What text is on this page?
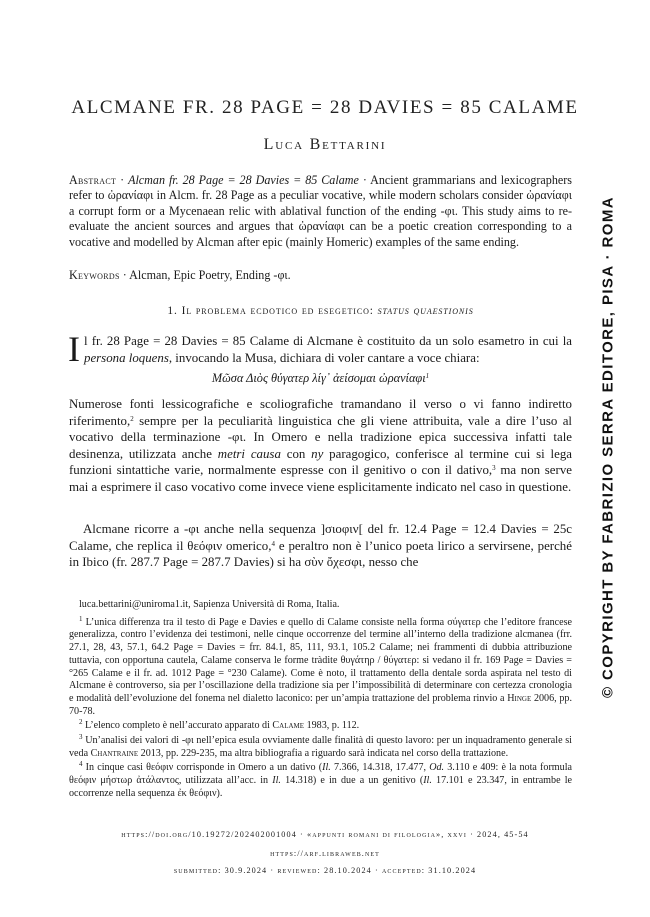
ALCMANE FR. 28 PAGE = 28 DAVIES = 85 CALAME
Luca Bettarini
Abstract · Alcman fr. 28 Page = 28 Davies = 85 Calame · Ancient grammarians and lexicographers refer to ὠρανίαφι in Alcm. fr. 28 Page as a peculiar vocative, while modern scholars consider ὠρανίαφι a corrupt form or a Mycenaean relic with ablatival function of the ending -φι. This study aims to re-evaluate the ancient sources and argues that ὠρανίαφι can be a poetic creation corresponding to a vocative and modelled by Alcman after epic (mainly Homeric) examples of the same ending.
Keywords · Alcman, Epic Poetry, Ending -φι.
1. Il problema ecdotico ed esegetico: status quaestionis
Il fr. 28 Page = 28 Davies = 85 Calame di Alcmane è costituito da un solo esametro in cui la persona loquens, invocando la Musa, dichiara di voler cantare a voce chiara:
Μῶσα Διὸς θύγατερ λίγ᾽ ἀείσομαι ὠρανίαφι$^1$
Numerose fonti lessicografiche e scoliografiche tramandano il verso o vi fanno indiretto riferimento,$^2$ sempre per la peculiarità linguistica che gli viene attribuita, vale a dire l’uso al vocativo della terminazione -φι. In Omero e nella tradizione epica successiva infatti tale desinenza, utilizzata anche metri causa con ny paragogico, conferisce al termine cui si lega funzioni sintattiche varie, normalmente espresse con il genitivo o con il dativo,$^3$ ma non serve mai a esprimere il caso vocativo come invece viene esplicitamente indicato nel caso in questione.
Alcmane ricorre a -φι anche nella sequenza ]σιοφιν[ del fr. 12.4 Page = 12.4 Davies = 25c Calame, che replica il θεόφιν omerico,$^4$ e peraltro non è l’unico poeta lirico a servirsene, perché in Ibico (fr. 287.7 Page = 287.7 Davies) si ha σὺν ὄχεσφι, nesso che

luca.bettarini@uniroma1.it, Sapienza Università di Roma, Italia.

$^1$ L’unica differenza tra il testo di Page e Davies e quello di Calame consiste nella forma σύγατερ che l’editore francese generalizza, contro l’evidenza dei testimoni, nelle cinque occorrenze del termine all’interno della tradizione alcmanea (frr. 27.1, 28, 43, 57.1, 64.2 Page = Davies = frr. 84.1, 85, 111, 93.1, 105.2 Calame; nei frammenti di dubbia attribuzione tuttavia, con opportuna cautela, Calame conserva le forme tràdite θυγάτηρ / θύγατερ: si vedano il fr. 169 Page = Davies = °265 Calame e il fr. ad. 1012 Page = °230 Calame). Come è noto, il trattamento della dentale sorda aspirata nel testo di Alcmane è controverso, sia per l’oscillazione della tradizione sia per l’impossibilità di determinare con certezza cronologia e modalità dell’evoluzione del fonema nel dialetto laconico: per un’ampia trattazione del problema rinvio a Hinge 2006, pp. 70-78.

$^2$ L’elenco completo è nell’accurato apparato di Calame 1983, p. 112.

$^3$ Un’analisi dei valori di -φι nell’epica esula ovviamente dalle finalità di questo lavoro: per un inquadramento generale si veda Chantraine 2013, pp. 229-235, ma altra bibliografia a riguardo sarà indicata nel corso della trattazione.

$^4$ In cinque casi θεόφιν corrisponde in Omero a un dativo (Il. 7.366, 14.318, 17.477, Od. 3.110 e 409: è la nota formula θεόφιν μήστωρ ἀτάλαντος, utilizzata all’acc. in Il. 14.318) e in due a un genitivo (Il. 17.101 e 23.347, in entrambe le occorrenze nella sequenza ἐκ θεόφιν).

https://doi.org/10.19272/202402001004 · «appunti romani di filologia», xxvi · 2024, 45-54
https://arf.libraweb.net
submitted: 30.9.2024 · reviewed: 28.10.2024 · accepted: 31.10.2024
© COPYRIGHT BY FABRIZIO SERRA EDITORE, PISA · ROMA
